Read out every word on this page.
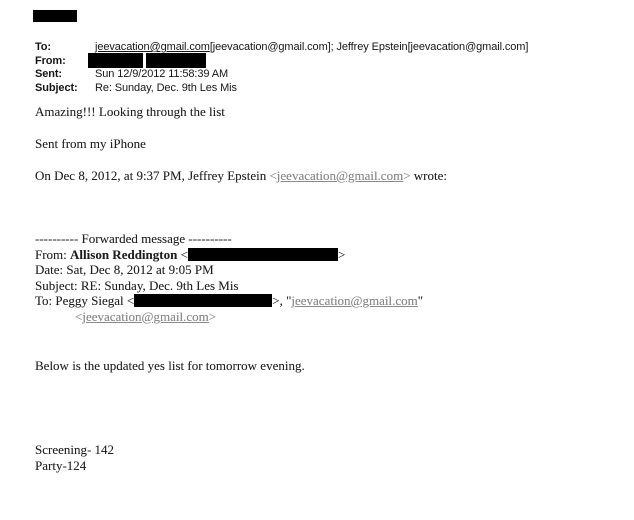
To:	jeevacation@gmail.com[jeevacation@gmail.com]; Jeffrey Epstein[jeevacation@gmail.com]
From:
Sent:	Sun 12/9/2012 11:58:39 AM
Subject: Re: Sunday, Dec. 9th Les Mis
Amazing!!! Looking through the list
Sent from my iPhone
On Dec 8, 2012, at 9:37 PM, Jeffrey Epstein <jeevacation@gmail.com> wrote:
---------- Forwarded message ----------
From: Allison Reddington <	>
Date: Sat, Dec 8, 2012 at 9:05 PM
Subject: RE: Sunday, Dec. 9th Les Mis
To: Peggy Siegal <	>, "jeevacation@gmail.com"
<jeevacation@gmail.com>
Below is the updated yes list for tomorrow evening.
Screening- 142
Party-124
